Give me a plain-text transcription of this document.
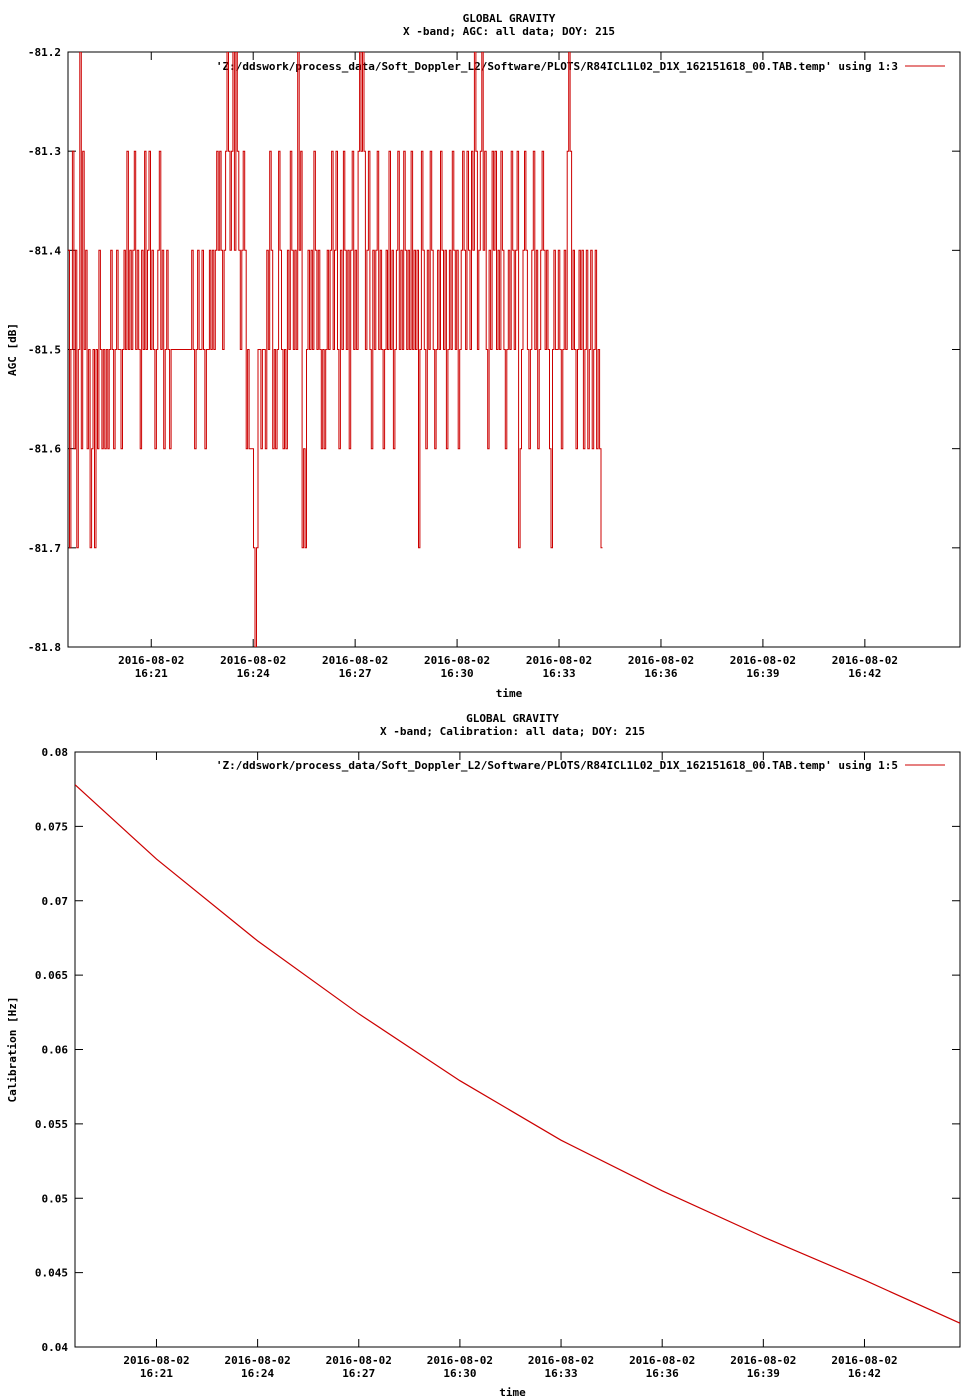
GLOBAL GRAVITY
X -band; AGC: all data; DOY: 215
-81.2
-81.3
-81.4
-81.5
-81.6
-81.7
-81.8
2016-08-02
16:21
2016-08-02
16:24
2016-08-02
16:27
2016-08-02
16:30
2016-08-02
16:33
2016-08-02
16:36
2016-08-02
16:39
2016-08-02
16:42
time
AGC [dB]
'Z:/ddswork/process_data/Soft_Doppler_L2/Software/PLOTS/R84ICL1L02_D1X_162151618_00.TAB.temp' using 1:3
GLOBAL GRAVITY
X -band; Calibration: all data; DOY: 215
0.08
0.075
0.07
0.065
0.06
0.055
0.05
0.045
0.04
2016-08-02
16:21
2016-08-02
16:24
2016-08-02
16:27
2016-08-02
16:30
2016-08-02
16:33
2016-08-02
16:36
2016-08-02
16:39
2016-08-02
16:42
time
Calibration [Hz]
'Z:/ddswork/process_data/Soft_Doppler_L2/Software/PLOTS/R84ICL1L02_D1X_162151618_00.TAB.temp' using 1:5
